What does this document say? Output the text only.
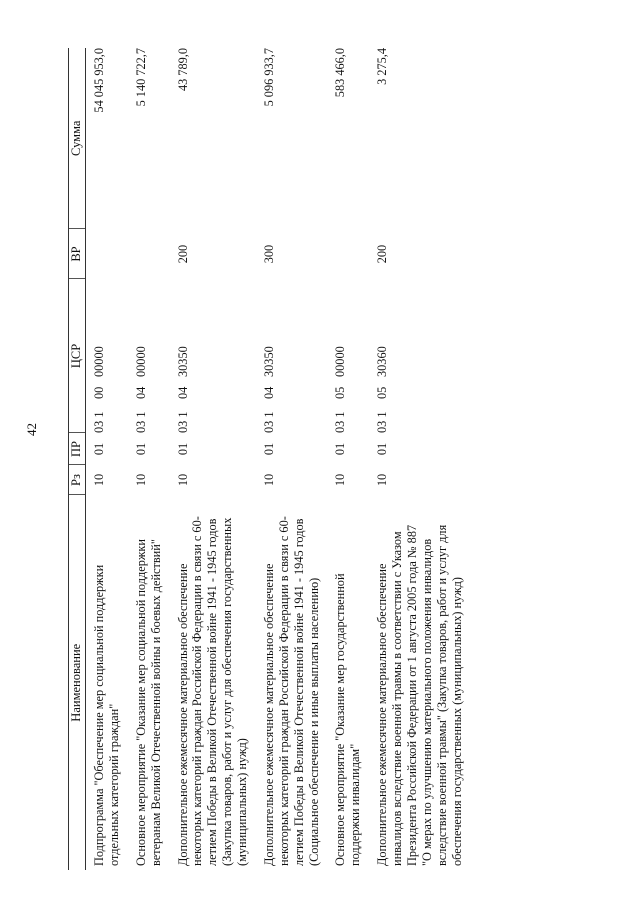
42
Наименование	Рз	ПР	ЦСР	ВР	Сумма
Подпрограмма "Обеспечение мер социальной поддержки отдельных категорий граждан"	10	01	03 10000000		54 045 953,0
Основное мероприятие "Оказание мер социальной поддержки ветеранам Великой Отечественной войны и боевых действий"	10	01	03 10400000		5 140 722,7
Дополнительное ежемесячное материальное обеспечение некоторых категорий граждан Российской Федерации в связи с 60-летием Победы в Великой Отечественной войне 1941 - 1945 годов (Закупка товаров, работ и услуг для обеспечения государственных (муниципальных) нужд)	10	01	03 10430350	200	43 789,0
Дополнительное ежемесячное материальное обеспечение некоторых категорий граждан Российской Федерации в связи с 60-летием Победы в Великой Отечественной войне 1941 - 1945 годов (Социальное обеспечение и иные выплаты населению)	10	01	03 10430350	300	5 096 933,7
Основное мероприятие "Оказание мер государственной поддержки инвалидам"	10	01	03 10500000		583 466,0
Дополнительное ежемесячное материальное обеспечение инвалидов вследствие военной травмы в соответствии с Указом Президента Российской Федерации от 1 августа 2005 года № 887 "О мерах по улучшению материального положения инвалидов вследствие военной травмы" (Закупка товаров, работ и услуг для обеспечения государственных (муниципальных) нужд)	10	01	03 10530360	200	3 275,4
